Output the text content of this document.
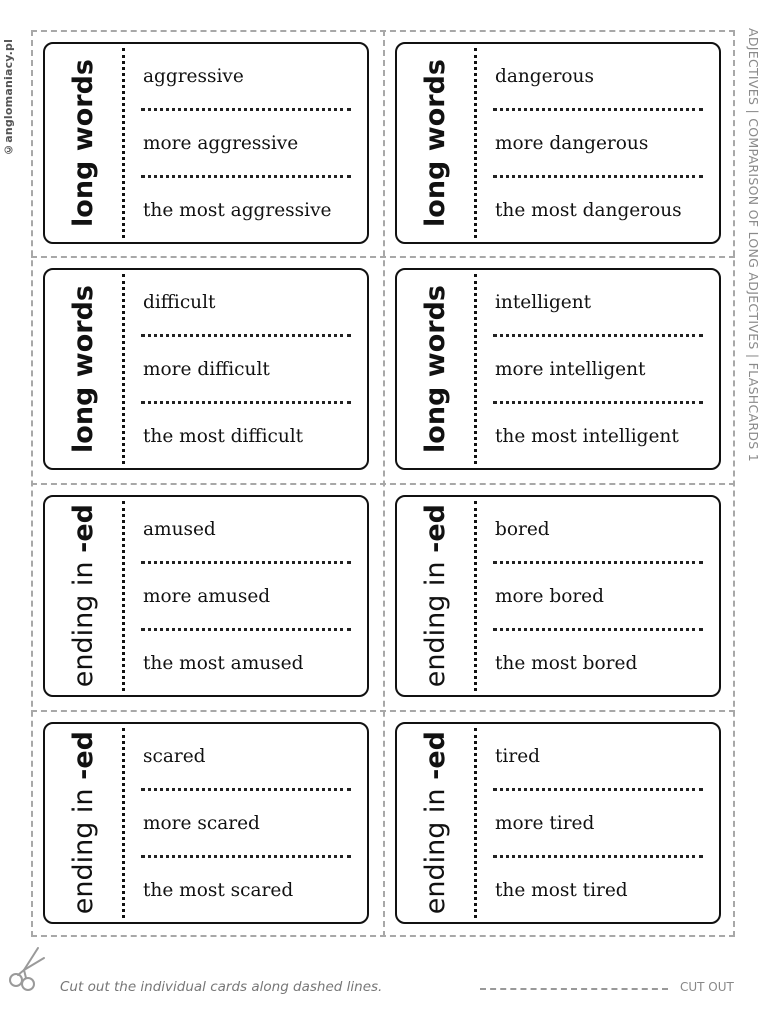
©anglomaniacy.pl	ADJECTIVES | COMPARISON OF LONG ADJECTIVES | FLASHCARDS 1
long words aggressive
more aggressive
the most aggressive	long words dangerous
more dangerous
the most dangerous
long words difficult
more difficult
the most difficult	long words intelligent
more intelligent
the most intelligent
ending in -ed amused
more amused
the most amused	ending in -ed bored
more bored
the most bored
ending in -ed scared
more scared
the most scared	ending in -ed tired
more tired
the most tired
Cut out the individual cards along dashed lines.	CUT OUT
